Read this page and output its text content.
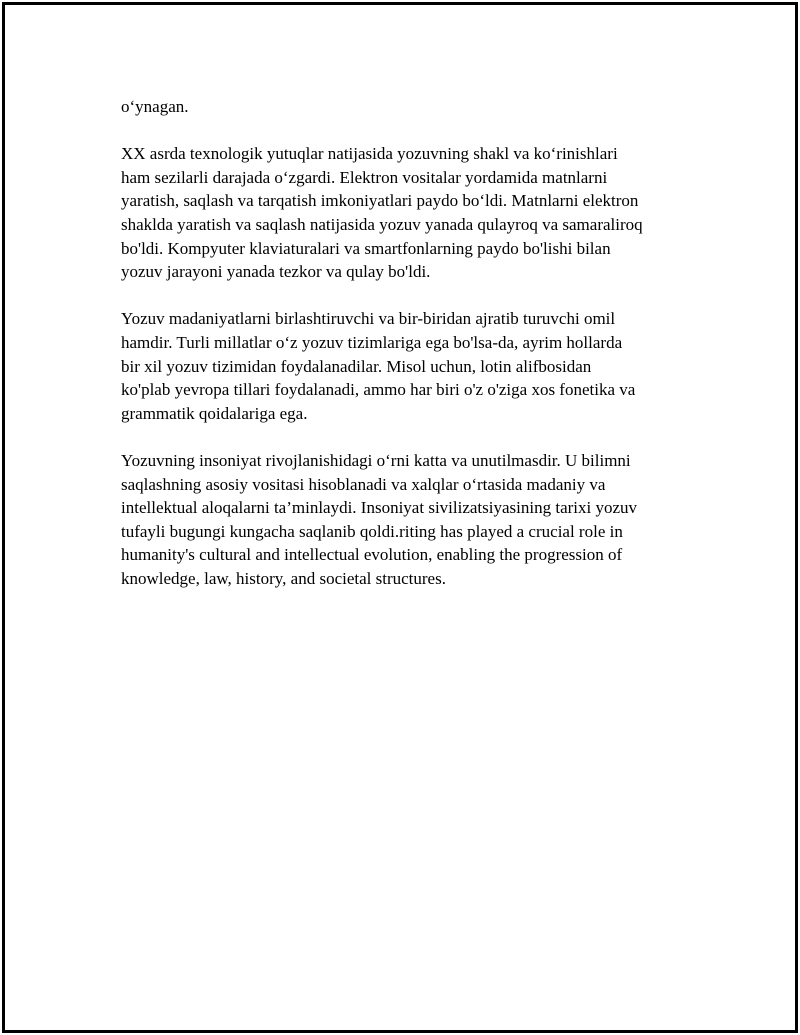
o‘ynagan.

XX asrda texnologik yutuqlar natijasida yozuvning shakl va ko‘rinishlari
ham sezilarli darajada o‘zgardi. Elektron vositalar yordamida matnlarni
yaratish, saqlash va tarqatish imkoniyatlari paydo bo‘ldi. Matnlarni elektron
shaklda yaratish va saqlash natijasida yozuv yanada qulayroq va samaraliroq
bo'ldi. Kompyuter klaviaturalari va smartfonlarning paydo bo'lishi bilan
yozuv jarayoni yanada tezkor va qulay bo'ldi.

Yozuv madaniyatlarni birlashtiruvchi va bir-biridan ajratib turuvchi omil
hamdir. Turli millatlar o‘z yozuv tizimlariga ega bo'lsa-da, ayrim hollarda
bir xil yozuv tizimidan foydalanadilar. Misol uchun, lotin alifbosidan
ko'plab yevropa tillari foydalanadi, ammo har biri o'z o'ziga xos fonetika va
grammatik qoidalariga ega.

Yozuvning insoniyat rivojlanishidagi o‘rni katta va unutilmasdir. U bilimni
saqlashning asosiy vositasi hisoblanadi va xalqlar o‘rtasida madaniy va
intellektual aloqalarni ta’minlaydi. Insoniyat sivilizatsiyasining tarixi yozuv
tufayli bugungi kungacha saqlanib qoldi.riting has played a crucial role in
humanity's cultural and intellectual evolution, enabling the progression of
knowledge, law, history, and societal structures.
